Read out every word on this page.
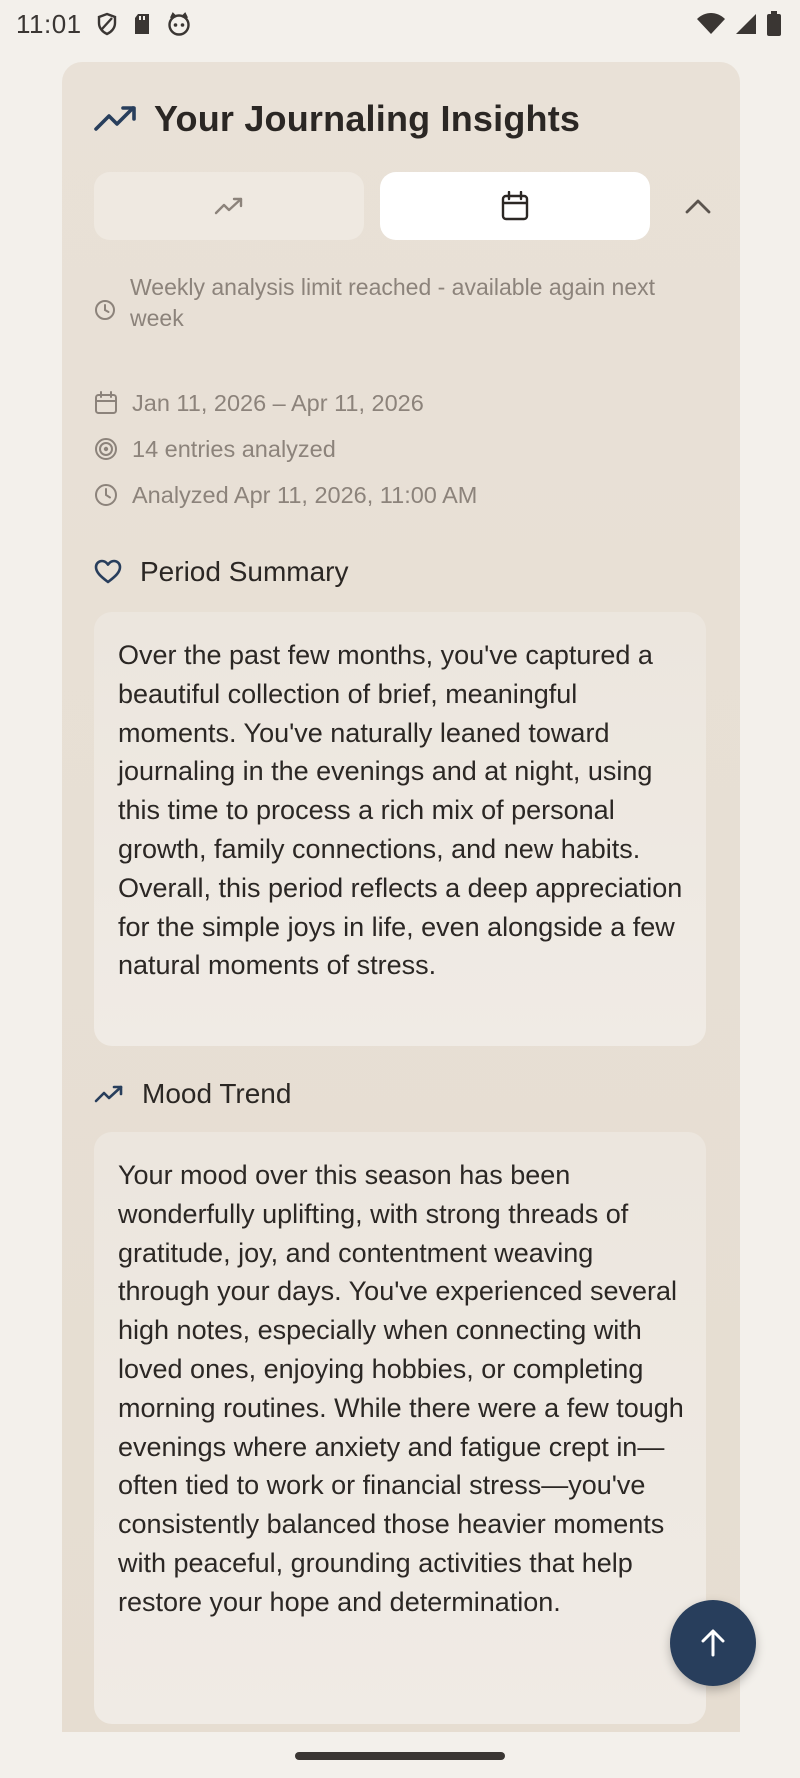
11:01
Your Journaling Insights
Weekly analysis limit reached - available again next week
Jan 11, 2026 – Apr 11, 2026
14 entries analyzed
Analyzed Apr 11, 2026, 11:00 AM
Period Summary

Over the past few months, you've captured a beautiful collection of brief, meaningful moments. You've naturally leaned toward journaling in the evenings and at night, using this time to process a rich mix of personal growth, family connections, and new habits. Overall, this period reflects a deep appreciation for the simple joys in life, even alongside a few natural moments of stress.

Mood Trend

Your mood over this season has been wonderfully uplifting, with strong threads of gratitude, joy, and contentment weaving through your days. You've experienced several high notes, especially when connecting with loved ones, enjoying hobbies, or completing morning routines. While there were a few tough evenings where anxiety and fatigue crept in—often tied to work or financial stress—you've consistently balanced those heavier moments with peaceful, grounding activities that help restore your hope and determination.
